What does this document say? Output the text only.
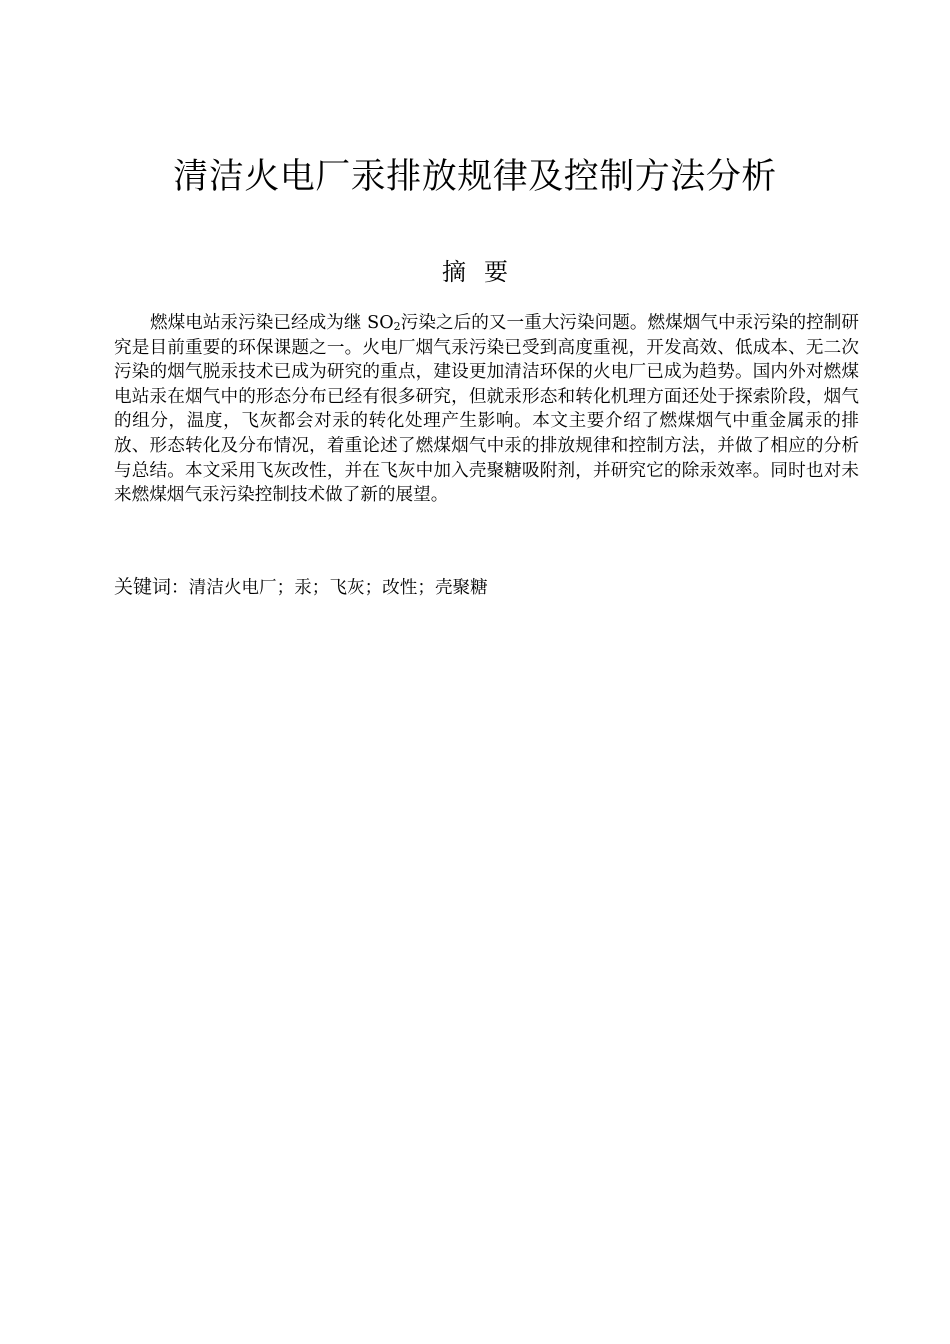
清洁火电厂汞排放规律及控制方法分析
摘 要

燃煤电站汞污染已经成为继 $SO_2$污染之后的又一重大污染问题。燃煤烟气中汞污染的控制研究是目前重要的环保课题之一。火电厂烟气汞污染已受到高度重视，开发高效、低成本、无二次污染的烟气脱汞技术已成为研究的重点，建设更加清洁环保的火电厂已成为趋势。国内外对燃煤电站汞在烟气中的形态分布已经有很多研究，但就汞形态和转化机理方面还处于探索阶段，烟气的组分，温度，飞灰都会对汞的转化处理产生影响。本文主要介绍了燃煤烟气中重金属汞的排放、形态转化及分布情况，着重论述了燃煤烟气中汞的排放规律和控制方法，并做了相应的分析与总结。本文采用飞灰改性，并在飞灰中加入壳聚糖吸附剂，并研究它的除汞效率。同时也对未来燃煤烟气汞污染控制技术做了新的展望。

关键词：清洁火电厂；汞；飞灰；改性；壳聚糖
